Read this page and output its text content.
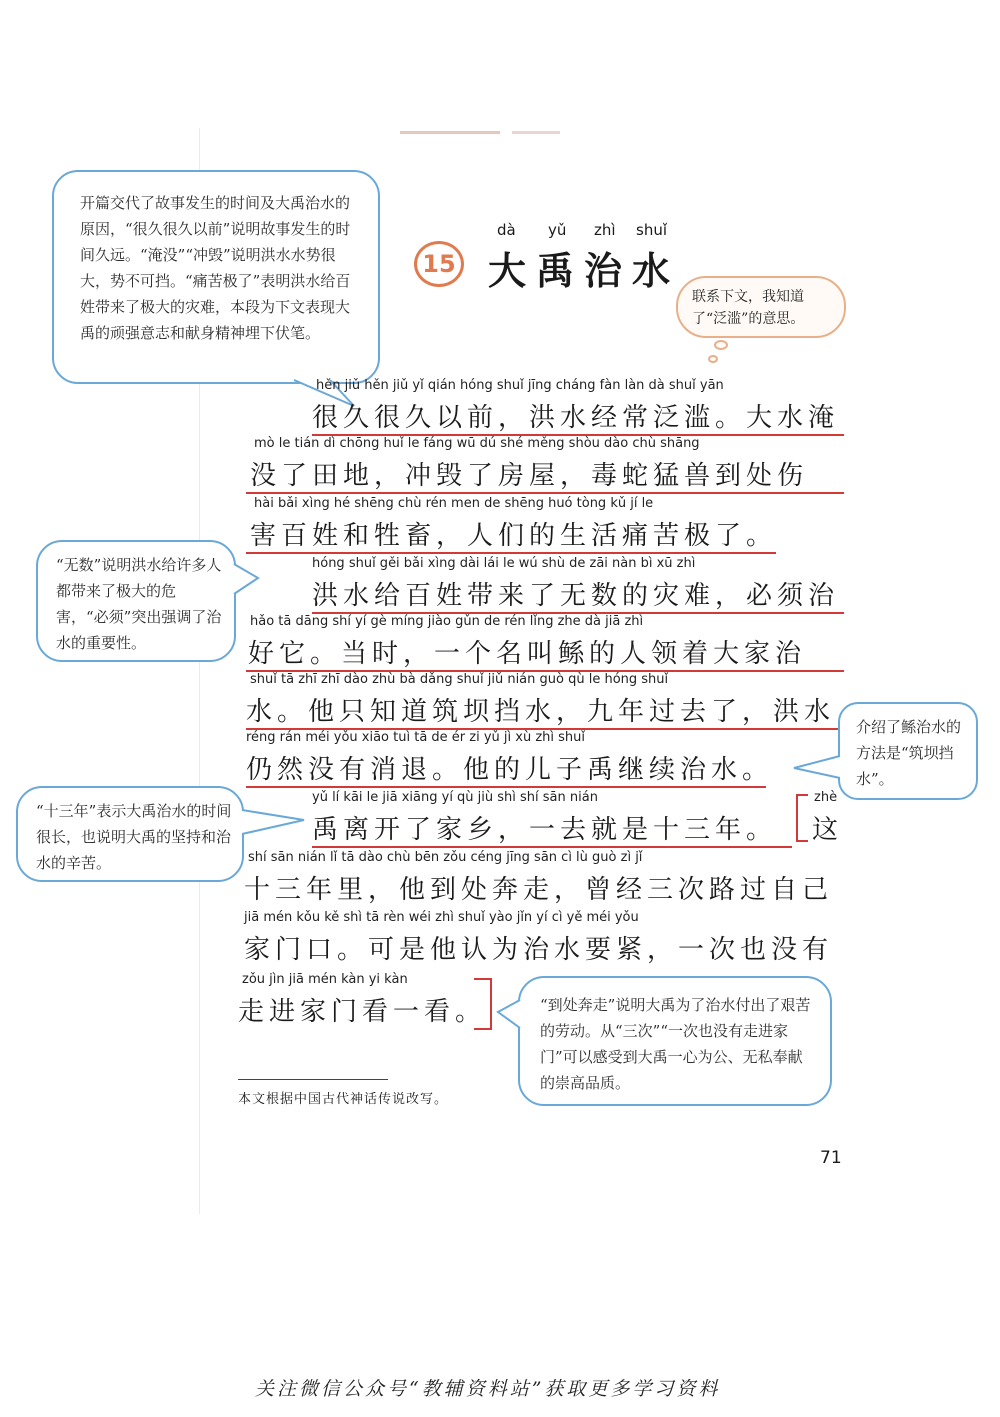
开篇交代了故事发生的时间及大禹治水的原因，“很久很久以前”说明故事发生的时间久远。“淹没”“冲毁”说明洪水水势很大，势不可挡。“痛苦极了”表明洪水给百姓带来了极大的灾难，本段为下文表现大禹的顽强意志和献身精神埋下伏笔。
15
dà yǔ zhì shuǐ
大禹治水
联系下文，我知道了“泛滥”的意思。
hěn jiǔ hěn jiǔ yǐ qián hóng shuǐ jīng cháng fàn làn dà shuǐ yān
很久很久以前，洪水经常泛滥。大水淹
mò le tián dì chōng huǐ le fáng wū dú shé měng shòu dào chù shāng
没了田地，冲毁了房屋，毒蛇猛兽到处伤
hài bǎi xìng hé shēng chù rén men de shēng huó tòng kǔ jí le
害百姓和牲畜，人们的生活痛苦极了。
“无数”说明洪水给许多人都带来了极大的危害，“必须”突出强调了治水的重要性。
hóng shuǐ gěi bǎi xìng dài lái le wú shù de zāi nàn bì xū zhì
洪水给百姓带来了无数的灾难，必须治
hǎo tā dāng shí yí gè míng jiào gǔn de rén lǐng zhe dà jiā zhì
好它。当时，一个名叫鲧的人领着大家治
shuǐ tā zhī zhī dào zhù bà dǎng shuǐ jiǔ nián guò qù le hóng shuǐ
水。他只知道筑坝挡水，九年过去了，洪水	介绍了鲧治水的方法是“筑坝挡水”。
réng rán méi yǒu xiāo tuì tā de ér zi yǔ jì xù zhì shuǐ
仍然没有消退。他的儿子禹继续治水。
“十三年”表示大禹治水的时间很长，也说明大禹的坚持和治水的辛苦。
yǔ lí kāi le jiā xiāng yí qù jiù shì shí sān nián
禹离开了家乡，一去就是十三年。
zhè
这
shí sān nián lǐ tā dào chù bēn zǒu céng jīng sān cì lù guò zì jǐ
十三年里，他到处奔走，曾经三次路过自己
jiā mén kǒu kě shì tā rèn wéi zhì shuǐ yào jǐn yí cì yě méi yǒu
家门口。可是他认为治水要紧，一次也没有
zǒu jìn jiā mén kàn yi kàn
走进家门看一看。	“到处奔走”说明大禹为了治水付出了艰苦的劳动。从“三次”“一次也没有走进家门”可以感受到大禹一心为公、无私奉献的崇高品质。
本文根据中国古代神话传说改写。
71
关注微信公众号“教辅资料站”获取更多学习资料
